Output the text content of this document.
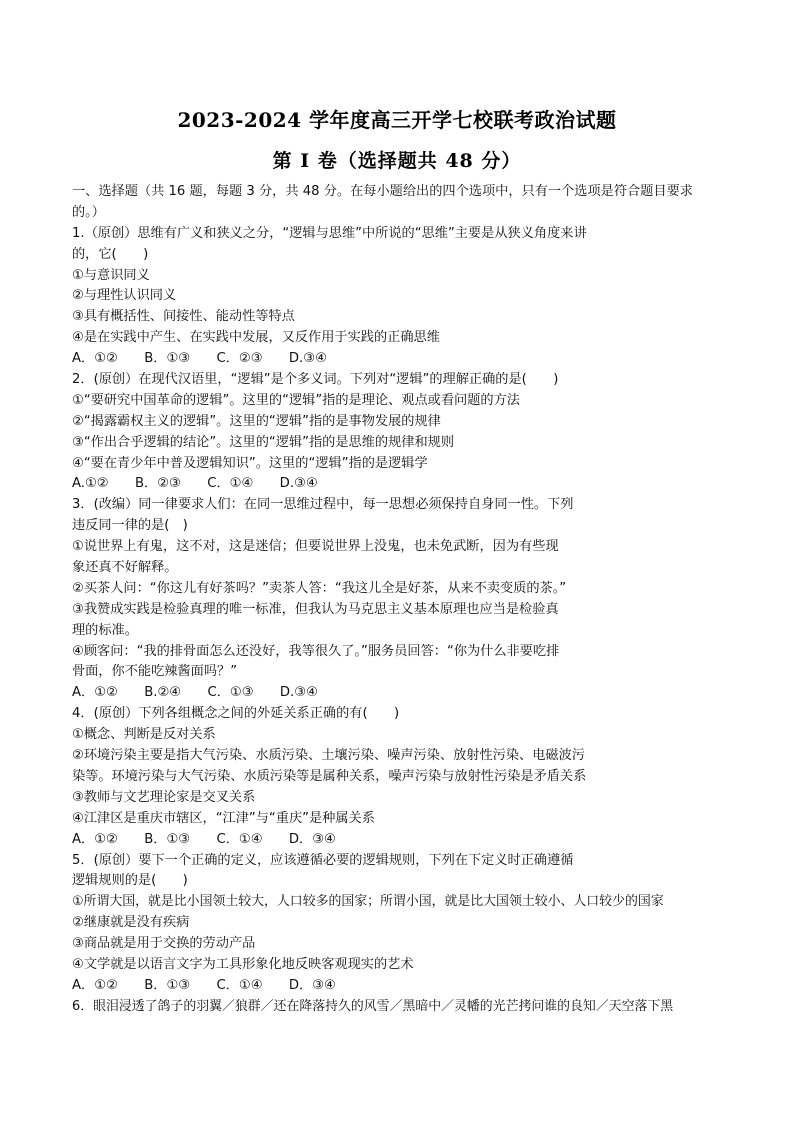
2023-2024 学年度高三开学七校联考政治试题
第 I 卷（选择题共 48 分）
一、选择题（共 16 题，每题 3 分，共 48 分。在每小题给出的四个选项中，只有一个选项是符合题目要求
的。）
1.（原创）思维有广义和狭义之分，“逻辑与思维”中所说的“思维”主要是从狭义角度来讲
的，它(　　)
①与意识同义
②与理性认识同义
③具有概括性、间接性、能动性等特点
④是在实践中产生、在实践中发展，又反作用于实践的正确思维
A．①②　　B．①③　　C．②③　　D.③④
2．(原创）在现代汉语里，“逻辑”是个多义词。下列对“逻辑”的理解正确的是(　　)
①“要研究中国革命的逻辑”。这里的“逻辑”指的是理论、观点或看问题的方法
②“揭露霸权主义的逻辑”。这里的“逻辑”指的是事物发展的规律
③“作出合乎逻辑的结论”。这里的“逻辑”指的是思维的规律和规则
④“要在青少年中普及逻辑知识”。这里的“逻辑”指的是逻辑学
A.①②　　B．②③　　C．①④　　D.③④
3．(改编）同一律要求人们：在同一思维过程中，每一思想必须保持自身同一性。下列
违反同一律的是(　)
①说世界上有鬼，这不对，这是迷信；但要说世界上没鬼，也未免武断，因为有些现
象还真不好解释。
②买茶人问：“你这儿有好茶吗？”卖茶人答：“我这儿全是好茶，从来不卖变质的茶。”
③我赞成实践是检验真理的唯一标准，但我认为马克思主义基本原理也应当是检验真
理的标准。
④顾客问：“我的排骨面怎么还没好，我等很久了。”服务员回答：“你为什么非要吃排
骨面，你不能吃辣酱面吗？”
A．①②　　B.②④　　C．①③　　D.③④
4．(原创）下列各组概念之间的外延关系正确的有(　　)
①概念、判断是反对关系
②环境污染主要是指大气污染、水质污染、土壤污染、噪声污染、放射性污染、电磁波污
染等。环境污染与大气污染、水质污染等是属种关系，噪声污染与放射性污染是矛盾关系
③教师与文艺理论家是交叉关系
④江津区是重庆市辖区，“江津”与“重庆”是种属关系
A．①②　　B．①③　　C．①④　　D．③④
5．(原创）要下一个正确的定义，应该遵循必要的逻辑规则，下列在下定义时正确遵循
逻辑规则的是(　　)
①所谓大国，就是比小国领土较大，人口较多的国家；所谓小国，就是比大国领土较小、人口较少的国家
②继康就是没有疾病
③商品就是用于交换的劳动产品
④文学就是以语言文字为工具形象化地反映客观现实的艺术
A．①②　　B．①③　　C．①④　　D．③④
6．眼泪浸透了鸽子的羽翼／狼群／还在降落持久的风雪／黑暗中／灵幡的光芒拷问谁的良知／天空落下黑
